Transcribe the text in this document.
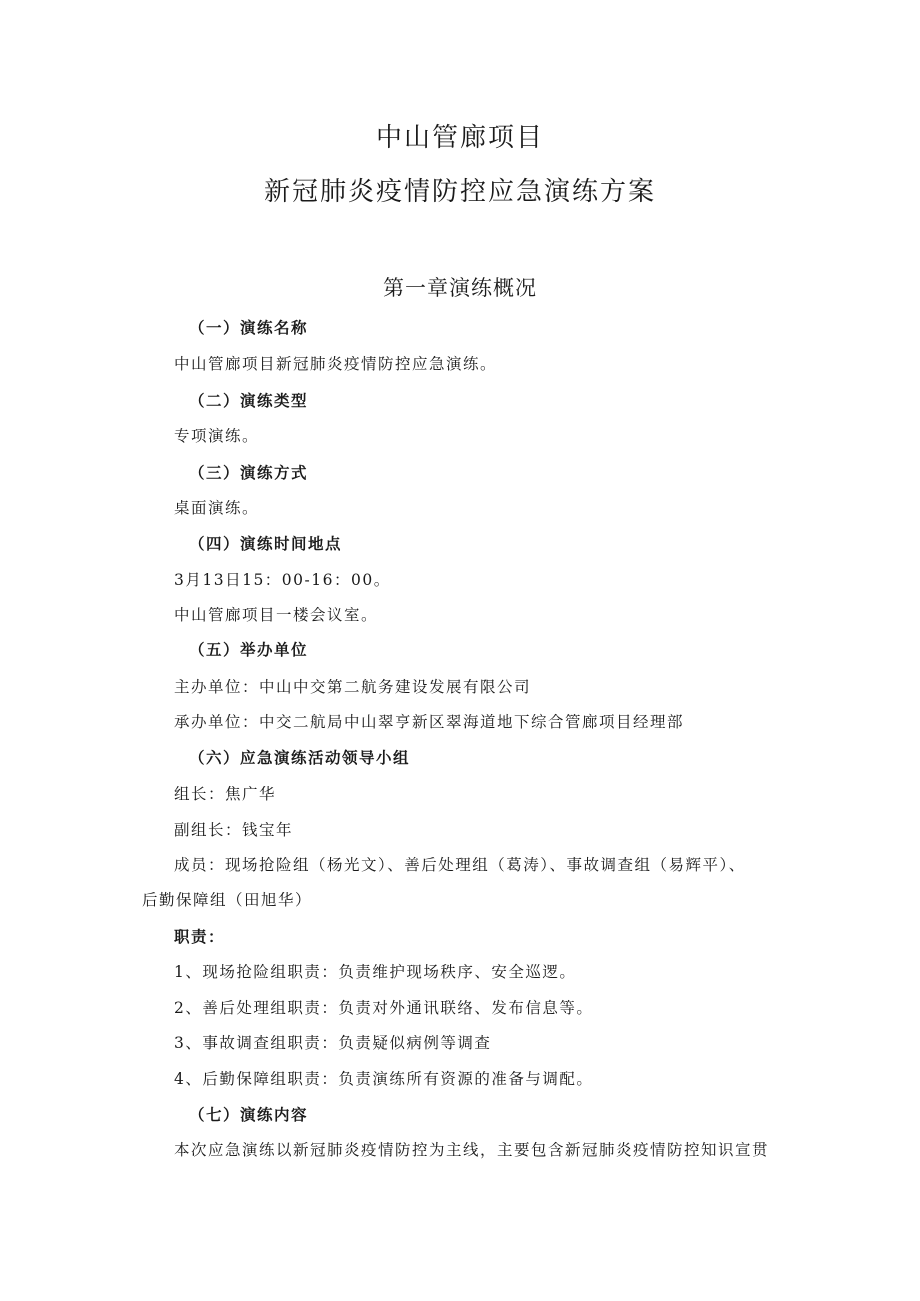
中山管廊项目
新冠肺炎疫情防控应急演练方案
第一章演练概况
（一）演练名称
中山管廊项目新冠肺炎疫情防控应急演练。
（二）演练类型
专项演练。
（三）演练方式
桌面演练。
（四）演练时间地点
3月13日15：00-16：00。
中山管廊项目一楼会议室。
（五）举办单位
主办单位：中山中交第二航务建设发展有限公司
承办单位：中交二航局中山翠亨新区翠海道地下综合管廊项目经理部
（六）应急演练活动领导小组
组长：焦广华
副组长：钱宝年
成员：现场抢险组（杨光文）、善后处理组（葛涛）、事故调查组（易辉平）、
后勤保障组（田旭华）
职责：
1、现场抢险组职责：负责维护现场秩序、安全巡逻。
2、善后处理组职责：负责对外通讯联络、发布信息等。
3、事故调查组职责：负责疑似病例等调查
4、后勤保障组职责：负责演练所有资源的准备与调配。
（七）演练内容
本次应急演练以新冠肺炎疫情防控为主线，主要包含新冠肺炎疫情防控知识宣贯
